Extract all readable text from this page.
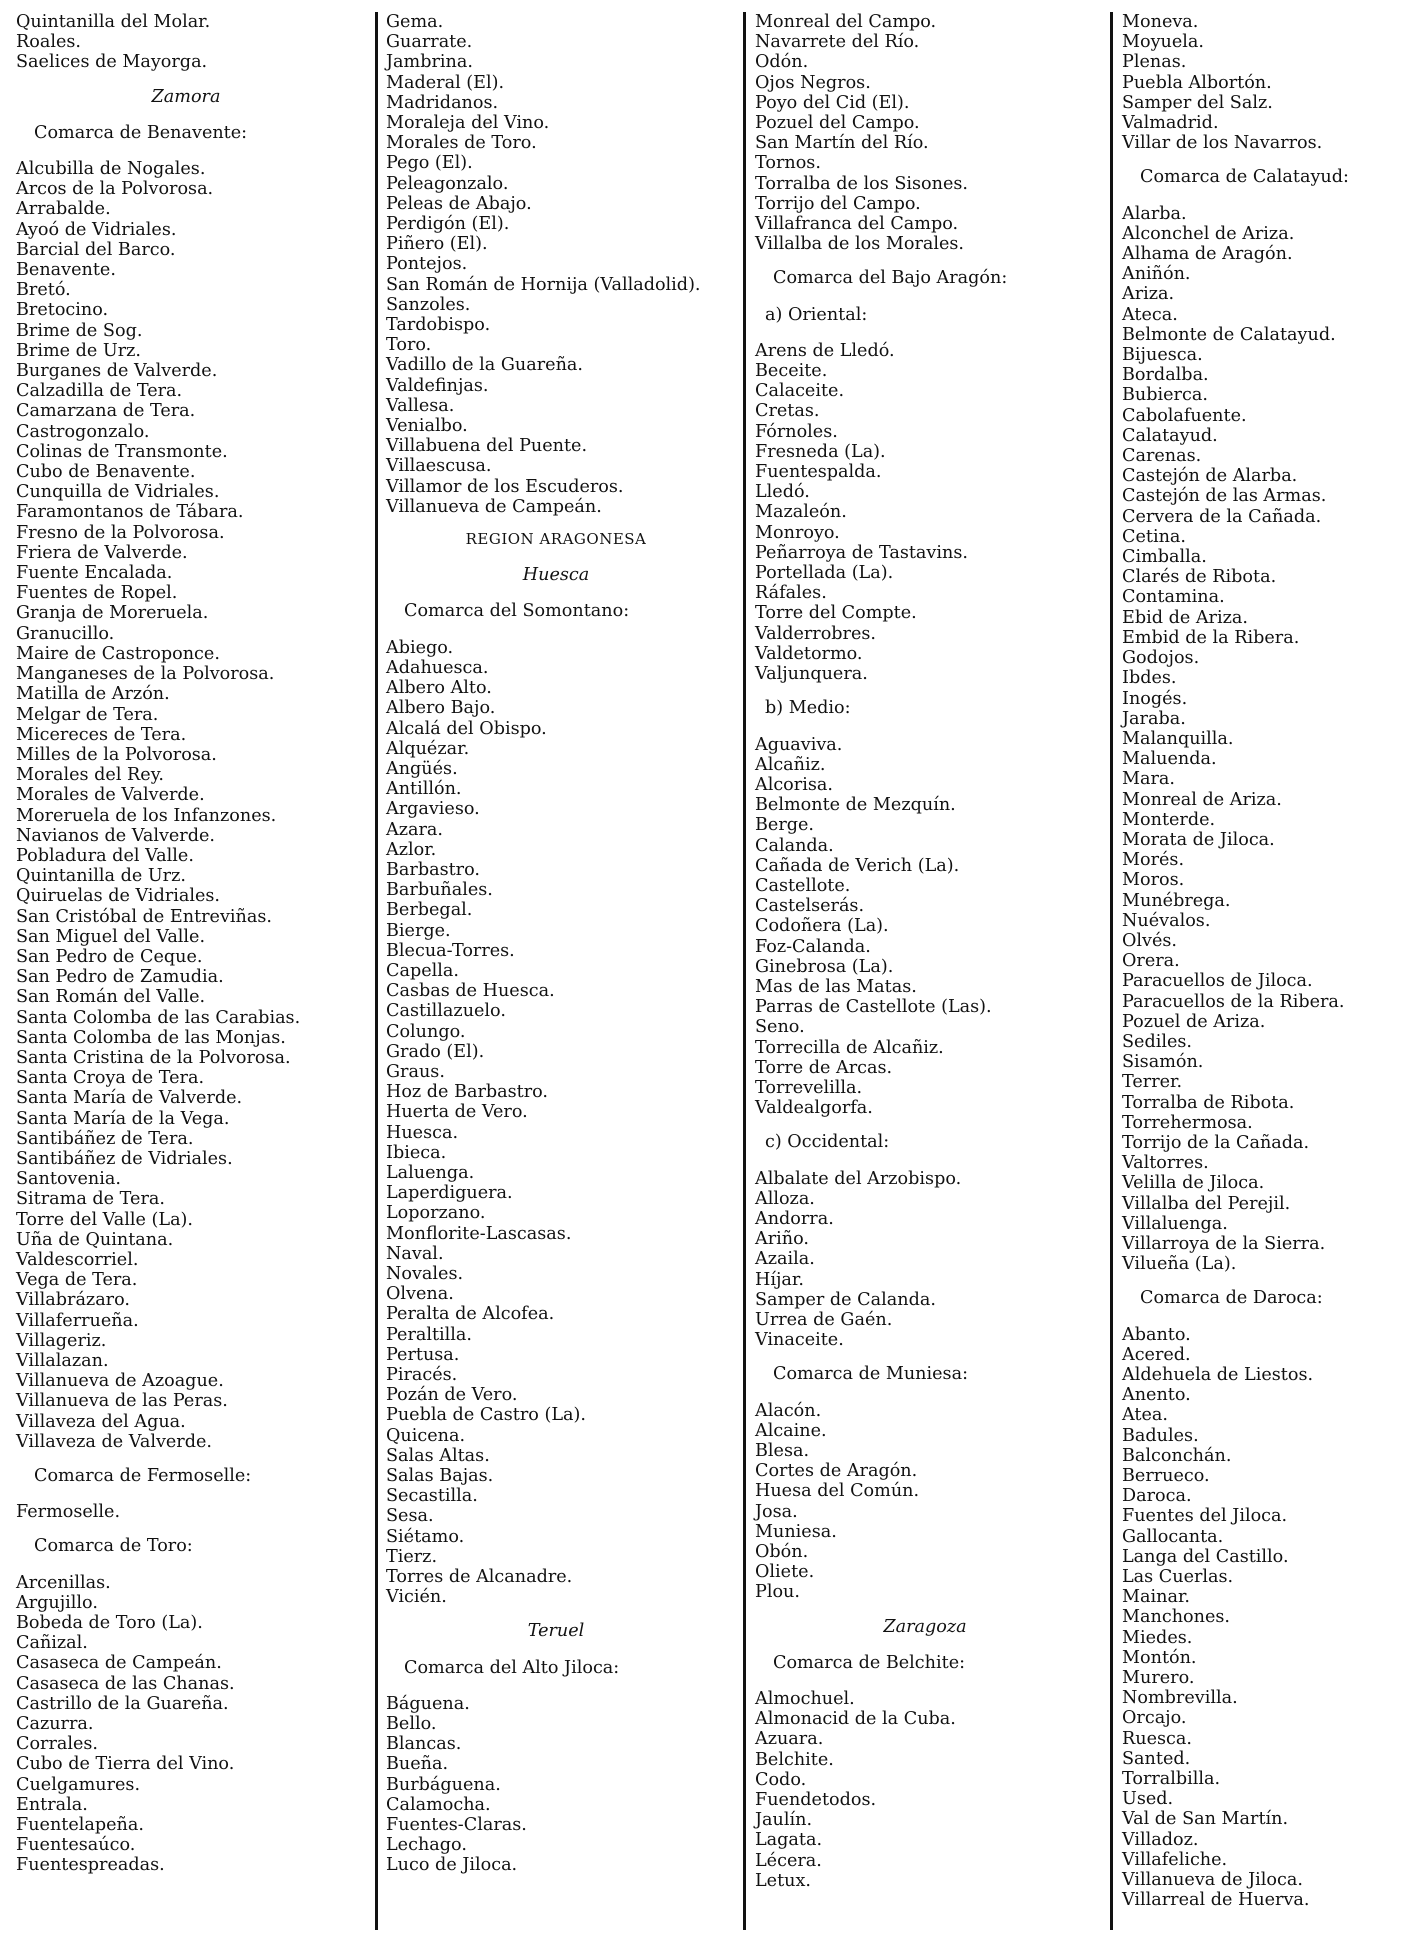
Quintanilla del Molar.
Roales.
Saelices de Mayorga.
Zamora
Comarca de Benavente:
Alcubilla de Nogales.
Arcos de la Polvorosa.
Arrabalde.
Ayoó de Vidriales.
Barcial del Barco.
Benavente.
Bretó.
Bretocino.
Brime de Sog.
Brime de Urz.
Burganes de Valverde.
Calzadilla de Tera.
Camarzana de Tera.
Castrogonzalo.
Colinas de Transmonte.
Cubo de Benavente.
Cunquilla de Vidriales.
Faramontanos de Tábara.
Fresno de la Polvorosa.
Friera de Valverde.
Fuente Encalada.
Fuentes de Ropel.
Granja de Moreruela.
Granucillo.
Maire de Castroponce.
Manganeses de la Polvorosa.
Matilla de Arzón.
Melgar de Tera.
Micereces de Tera.
Milles de la Polvorosa.
Morales del Rey.
Morales de Valverde.
Moreruela de los Infanzones.
Navianos de Valverde.
Pobladura del Valle.
Quintanilla de Urz.
Quiruelas de Vidriales.
San Cristóbal de Entreviñas.
San Miguel del Valle.
San Pedro de Ceque.
San Pedro de Zamudia.
San Román del Valle.
Santa Colomba de las Carabias.
Santa Colomba de las Monjas.
Santa Cristina de la Polvorosa.
Santa Croya de Tera.
Santa María de Valverde.
Santa María de la Vega.
Santibáñez de Tera.
Santibáñez de Vidriales.
Santovenia.
Sitrama de Tera.
Torre del Valle (La).
Uña de Quintana.
Valdescorriel.
Vega de Tera.
Villabrázaro.
Villaferrueña.
Villageriz.
Villalazan.
Villanueva de Azoague.
Villanueva de las Peras.
Villaveza del Agua.
Villaveza de Valverde.
Comarca de Fermoselle:
Fermoselle.
Comarca de Toro:
Arcenillas.
Argujillo.
Bobeda de Toro (La).
Cañizal.
Casaseca de Campeán.
Casaseca de las Chanas.
Castrillo de la Guareña.
Cazurra.
Corrales.
Cubo de Tierra del Vino.
Cuelgamures.
Entrala.
Fuentelapeña.
Fuentesaúco.
Fuentespreadas.
Gema.
Guarrate.
Jambrina.
Maderal (El).
Madridanos.
Moraleja del Vino.
Morales de Toro.
Pego (El).
Peleagonzalo.
Peleas de Abajo.
Perdigón (El).
Piñero (El).
Pontejos.
San Román de Hornija (Valladolid).
Sanzoles.
Tardobispo.
Toro.
Vadillo de la Guareña.
Valdefinjas.
Vallesa.
Venialbo.
Villabuena del Puente.
Villaescusa.
Villamor de los Escuderos.
Villanueva de Campeán.
REGION ARAGONESA
Huesca
Comarca del Somontano:
Abiego.
Adahuesca.
Albero Alto.
Albero Bajo.
Alcalá del Obispo.
Alquézar.
Angüés.
Antillón.
Argavieso.
Azara.
Azlor.
Barbastro.
Barbuñales.
Berbegal.
Bierge.
Blecua-Torres.
Capella.
Casbas de Huesca.
Castillazuelo.
Colungo.
Grado (El).
Graus.
Hoz de Barbastro.
Huerta de Vero.
Huesca.
Ibieca.
Laluenga.
Laperdiguera.
Loporzano.
Monflorite-Lascasas.
Naval.
Novales.
Olvena.
Peralta de Alcofea.
Peraltilla.
Pertusa.
Piracés.
Pozán de Vero.
Puebla de Castro (La).
Quicena.
Salas Altas.
Salas Bajas.
Secastilla.
Sesa.
Siétamo.
Tierz.
Torres de Alcanadre.
Vicién.
Teruel
Comarca del Alto Jiloca:
Báguena.
Bello.
Blancas.
Bueña.
Burbáguena.
Calamocha.
Fuentes-Claras.
Lechago.
Luco de Jiloca.
Monreal del Campo.
Navarrete del Río.
Odón.
Ojos Negros.
Poyo del Cid (El).
Pozuel del Campo.
San Martín del Río.
Tornos.
Torralba de los Sisones.
Torrijo del Campo.
Villafranca del Campo.
Villalba de los Morales.
Comarca del Bajo Aragón:
a) Oriental:
Arens de Lledó.
Beceite.
Calaceite.
Cretas.
Fórnoles.
Fresneda (La).
Fuentespalda.
Lledó.
Mazaleón.
Monroyo.
Peñarroya de Tastavins.
Portellada (La).
Ráfales.
Torre del Compte.
Valderrobres.
Valdetormo.
Valjunquera.
b) Medio:
Aguaviva.
Alcañiz.
Alcorisa.
Belmonte de Mezquín.
Berge.
Calanda.
Cañada de Verich (La).
Castellote.
Castelserás.
Codoñera (La).
Foz-Calanda.
Ginebrosa (La).
Mas de las Matas.
Parras de Castellote (Las).
Seno.
Torrecilla de Alcañiz.
Torre de Arcas.
Torrevelilla.
Valdealgorfa.
c) Occidental:
Albalate del Arzobispo.
Alloza.
Andorra.
Ariño.
Azaila.
Híjar.
Samper de Calanda.
Urrea de Gaén.
Vinaceite.
Comarca de Muniesa:
Alacón.
Alcaine.
Blesa.
Cortes de Aragón.
Huesa del Común.
Josa.
Muniesa.
Obón.
Oliete.
Plou.
Zaragoza
Comarca de Belchite:
Almochuel.
Almonacid de la Cuba.
Azuara.
Belchite.
Codo.
Fuendetodos.
Jaulín.
Lagata.
Lécera.
Letux.
Moneva.
Moyuela.
Plenas.
Puebla Albortón.
Samper del Salz.
Valmadrid.
Villar de los Navarros.
Comarca de Calatayud:
Alarba.
Alconchel de Ariza.
Alhama de Aragón.
Aniñón.
Ariza.
Ateca.
Belmonte de Calatayud.
Bijuesca.
Bordalba.
Bubierca.
Cabolafuente.
Calatayud.
Carenas.
Castejón de Alarba.
Castejón de las Armas.
Cervera de la Cañada.
Cetina.
Cimballa.
Clarés de Ribota.
Contamina.
Ebid de Ariza.
Embid de la Ribera.
Godojos.
Ibdes.
Inogés.
Jaraba.
Malanquilla.
Maluenda.
Mara.
Monreal de Ariza.
Monterde.
Morata de Jiloca.
Morés.
Moros.
Munébrega.
Nuévalos.
Olvés.
Orera.
Paracuellos de Jiloca.
Paracuellos de la Ribera.
Pozuel de Ariza.
Sediles.
Sisamón.
Terrer.
Torralba de Ribota.
Torrehermosa.
Torrijo de la Cañada.
Valtorres.
Velilla de Jiloca.
Villalba del Perejil.
Villaluenga.
Villarroya de la Sierra.
Vilueña (La).
Comarca de Daroca:
Abanto.
Acered.
Aldehuela de Liestos.
Anento.
Atea.
Badules.
Balconchán.
Berrueco.
Daroca.
Fuentes del Jiloca.
Gallocanta.
Langa del Castillo.
Las Cuerlas.
Mainar.
Manchones.
Miedes.
Montón.
Murero.
Nombrevilla.
Orcajo.
Ruesca.
Santed.
Torralbilla.
Used.
Val de San Martín.
Villadoz.
Villafeliche.
Villanueva de Jiloca.
Villarreal de Huerva.
